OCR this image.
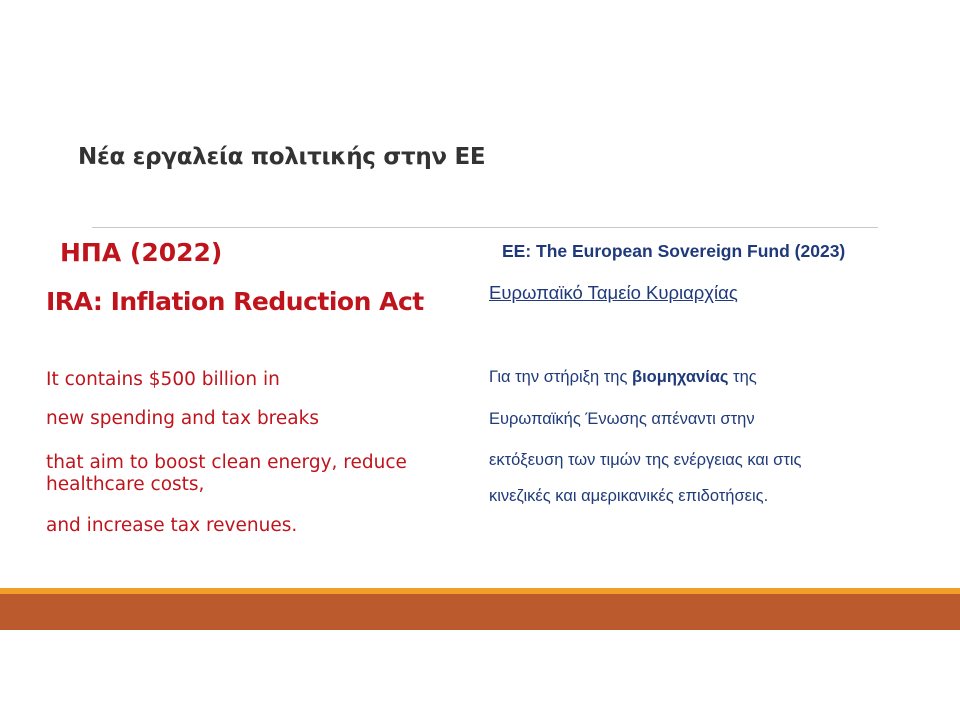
Νέα εργαλεία πολιτικής στην ΕΕ
ΗΠΑ (2022)
IRA: Inflation Reduction Act
It contains $500 billion in
new spending and tax breaks
that aim to boost clean energy, reduce healthcare costs,
and increase tax revenues.
EE: The European Sovereign Fund (2023)
Ευρωπαϊκό Ταμείο Κυριαρχίας
Για την στήριξη της βιομηχανίας της
Ευρωπαϊκής Ένωσης απέναντι στην
εκτόξευση των τιμών της ενέργειας και στις
κινεζικές και αμερικανικές επιδοτήσεις.
